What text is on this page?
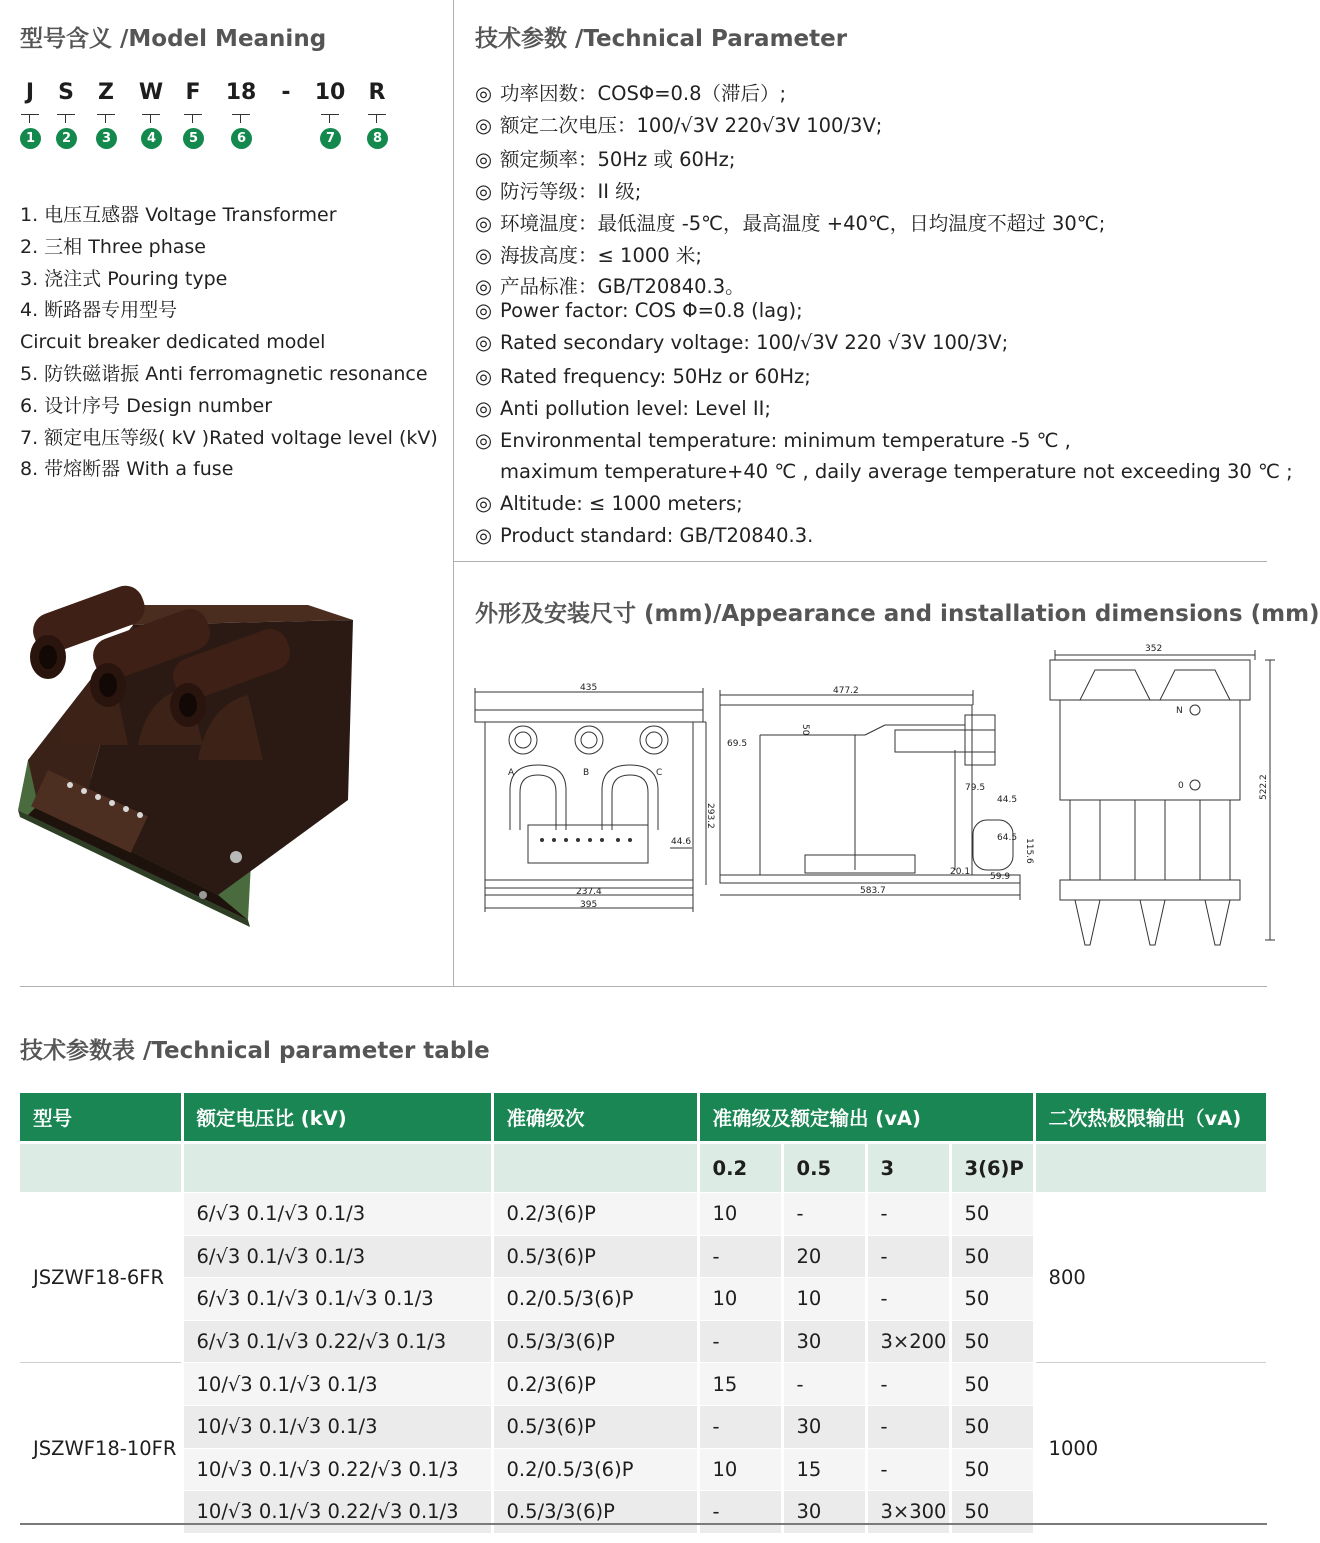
型号含义 /Model Meaning
J
1
S
2
Z
3
W
4
F
5
18
6
-	10
7
R
8
1. 电压互感器 Voltage Transformer
2. 三相 Three phase
3. 浇注式 Pouring type
4. 断路器专用型号
Circuit breaker dedicated model
5. 防铁磁谐振 Anti ferromagnetic resonance
6. 设计序号 Design number
7. 额定电压等级( kV )Rated voltage level (kV)
8. 带熔断器 With a fuse
技术参数 /Technical Parameter
◎ 功率因数：COSΦ=0.8（滞后）;
◎ 额定二次电压：100/√3V 220√3V 100/3V;
◎ 额定频率：50Hz 或 60Hz;
◎ 防污等级：II 级;
◎ 环境温度：最低温度 -5℃，最高温度 +40℃，日均温度不超过 30℃;
◎ 海拔高度：≤ 1000 米;
◎ 产品标准：GB/T20840.3。
◎ Power factor: COS Φ=0.8 (lag);
◎ Rated secondary voltage: 100/√3V 220 √3V 100/3V;
◎ Rated frequency: 50Hz or 60Hz;
◎ Anti pollution level: Level II;
◎ Environmental temperature: minimum temperature -5 ℃ ,
maximum temperature+40 ℃ , daily average temperature not exceeding 30 ℃ ;
◎ Altitude: ≤ 1000 meters;
◎ Product standard: GB/T20840.3.
外形及安装尺寸 (mm)/Appearance and installation dimensions (mm)
435
A	B	C
44.6
237.4
395
293.2
477.2
50
69.5
79.5
44.5
64.5 115.6
20.1 59.9
583.7
352
N
0	522.2
技术参数表 /Technical parameter table
型号	额定电压比 (kV)	准确级次	准确级及额定输出 (vA)				二次热极限输出（vA)
			0.2	0.5	3	3(6)P	
JSZWF18-6FR	6/√3 0.1/√3 0.1/3	0.2/3(6)P	10	-	-	50	800
	6/√3 0.1/√3 0.1/3	0.5/3(6)P	-	20	-	50	
	6/√3 0.1/√3 0.1/√3 0.1/3	0.2/0.5/3(6)P	10	10	-	50	
	6/√3 0.1/√3 0.22/√3 0.1/3	0.5/3/3(6)P	-	30	3×200	50	
JSZWF18-10FR	10/√3 0.1/√3 0.1/3	0.2/3(6)P	15	-	-	50	1000
	10/√3 0.1/√3 0.1/3	0.5/3(6)P	-	30	-	50	
	10/√3 0.1/√3 0.22/√3 0.1/3	0.2/0.5/3(6)P	10	15	-	50	
	10/√3 0.1/√3 0.22/√3 0.1/3	0.5/3/3(6)P	-	30	3×300	50	
